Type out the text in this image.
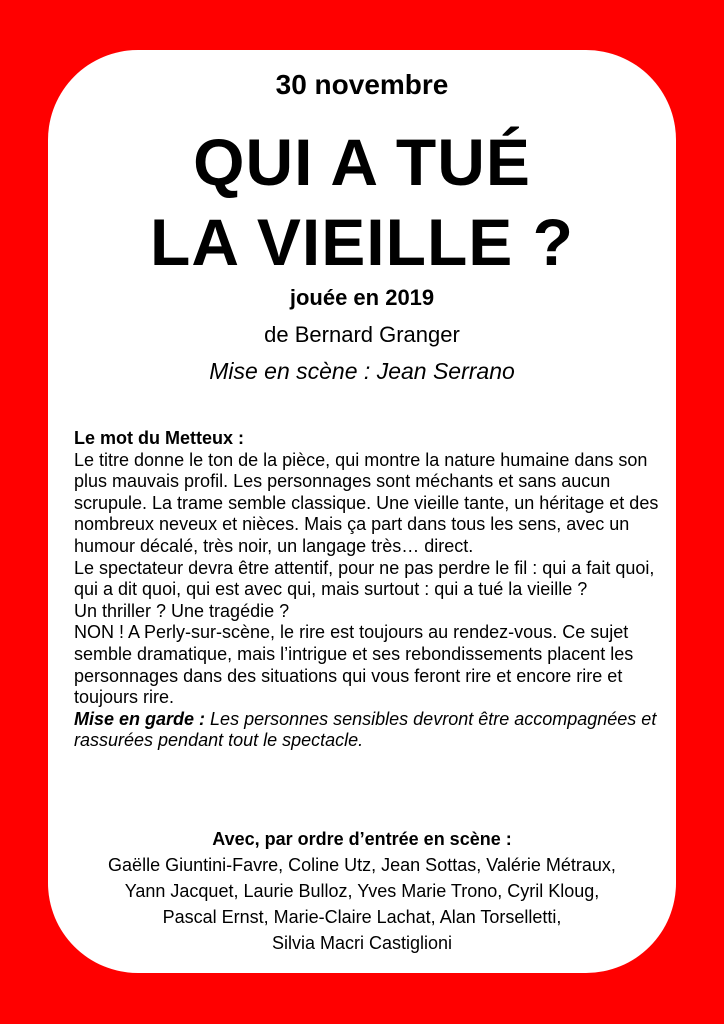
30 novembre
QUI A TUÉ
LA VIEILLE ?
jouée en 2019
de Bernard Granger
Mise en scène : Jean Serrano

Le mot du Metteux :

Le titre donne le ton de la pièce, qui montre la nature humaine dans son plus mauvais profil. Les personnages sont méchants et sans aucun scrupule. La trame semble classique. Une vieille tante, un héritage et des nombreux neveux et nièces. Mais ça part dans tous les sens, avec un humour décalé, très noir, un langage très… direct.

Le spectateur devra être attentif, pour ne pas perdre le fil : qui a fait quoi, qui a dit quoi, qui est avec qui, mais surtout : qui a tué la vieille ?

Un thriller ? Une tragédie ?

NON ! A Perly-sur-scène, le rire est toujours au rendez-vous. Ce sujet semble dramatique, mais l’intrigue et ses rebondissements placent les personnages dans des situations qui vous feront rire et encore rire et toujours rire.

Mise en garde : Les personnes sensibles devront être accompagnées et rassurées pendant tout le spectacle.

Avec, par ordre d’entrée en scène :
Gaëlle Giuntini-Favre, Coline Utz, Jean Sottas, Valérie Métraux,
Yann Jacquet, Laurie Bulloz, Yves Marie Trono, Cyril Kloug,
Pascal Ernst, Marie-Claire Lachat, Alan Torselletti,
Silvia Macri Castiglioni
